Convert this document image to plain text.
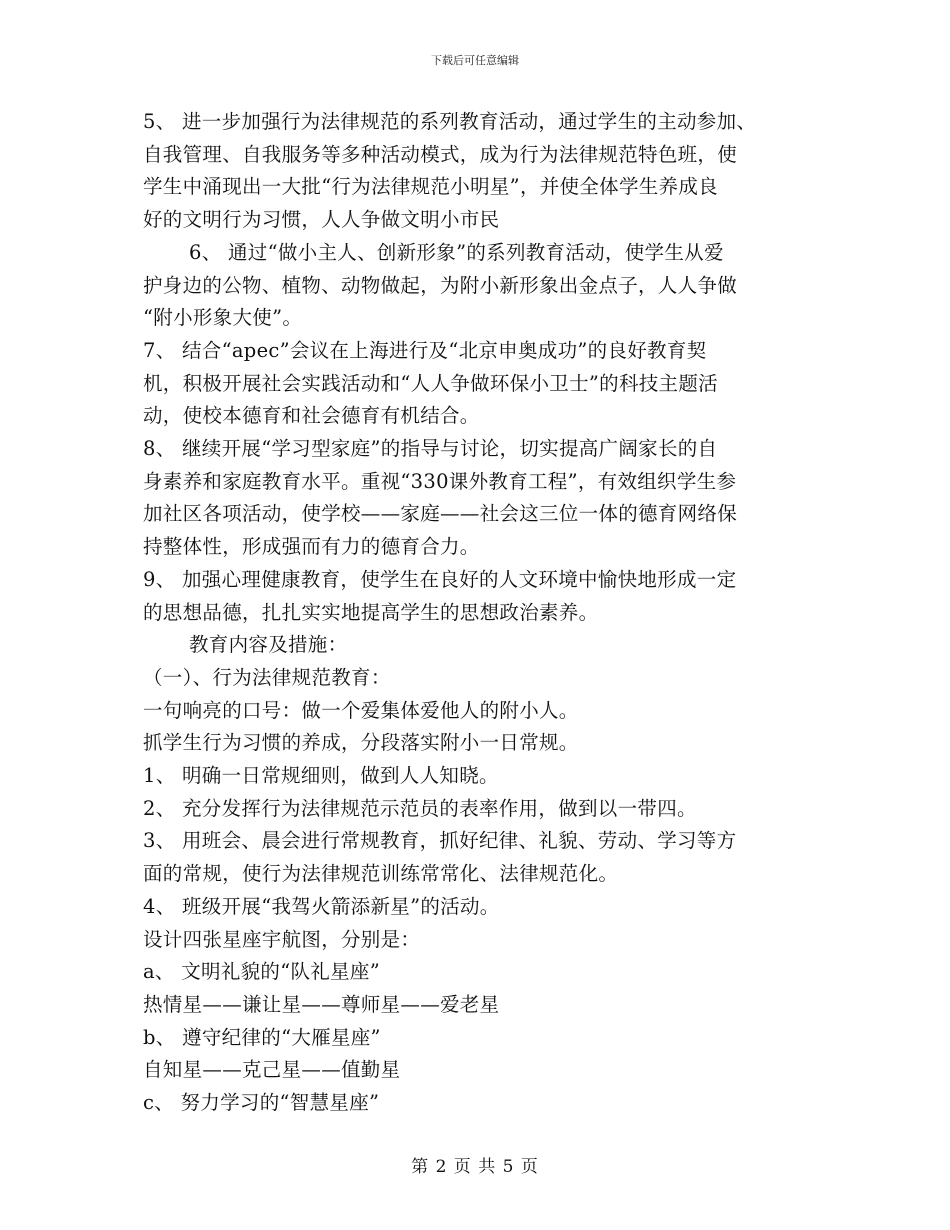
下载后可任意编辑
5、 进一步加强行为法律规范的系列教育活动，通过学生的主动参加、
自我管理、自我服务等多种活动模式，成为行为法律规范特色班，使
学生中涌现出一大批“行为法律规范小明星”，并使全体学生养成良
好的文明行为习惯，人人争做文明小市民
6、 通过“做小主人、创新形象”的系列教育活动，使学生从爱
护身边的公物、植物、动物做起，为附小新形象出金点子，人人争做
“附小形象大使”。
7、 结合“apec”会议在上海进行及“北京申奥成功”的良好教育契
机，积极开展社会实践活动和“人人争做环保小卫士”的科技主题活
动，使校本德育和社会德育有机结合。
8、 继续开展“学习型家庭”的指导与讨论，切实提高广阔家长的自
身素养和家庭教育水平。重视“330课外教育工程”，有效组织学生参
加社区各项活动，使学校——家庭——社会这三位一体的德育网络保
持整体性，形成强而有力的德育合力。
9、 加强心理健康教育，使学生在良好的人文环境中愉快地形成一定
的思想品德，扎扎实实地提高学生的思想政治素养。
教育内容及措施：
（一）、行为法律规范教育：
一句响亮的口号：做一个爱集体爱他人的附小人。
抓学生行为习惯的养成，分段落实附小一日常规。
1、 明确一日常规细则，做到人人知晓。
2、 充分发挥行为法律规范示范员的表率作用，做到以一带四。
3、 用班会、晨会进行常规教育，抓好纪律、礼貌、劳动、学习等方
面的常规，使行为法律规范训练常常化、法律规范化。
4、 班级开展“我驾火箭添新星”的活动。
设计四张星座宇航图，分别是：
a、 文明礼貌的“队礼星座”
热情星——谦让星——尊师星——爱老星
b、 遵守纪律的“大雁星座”
自知星——克己星——值勤星
c、 努力学习的“智慧星座”
第 2 页 共 5 页
